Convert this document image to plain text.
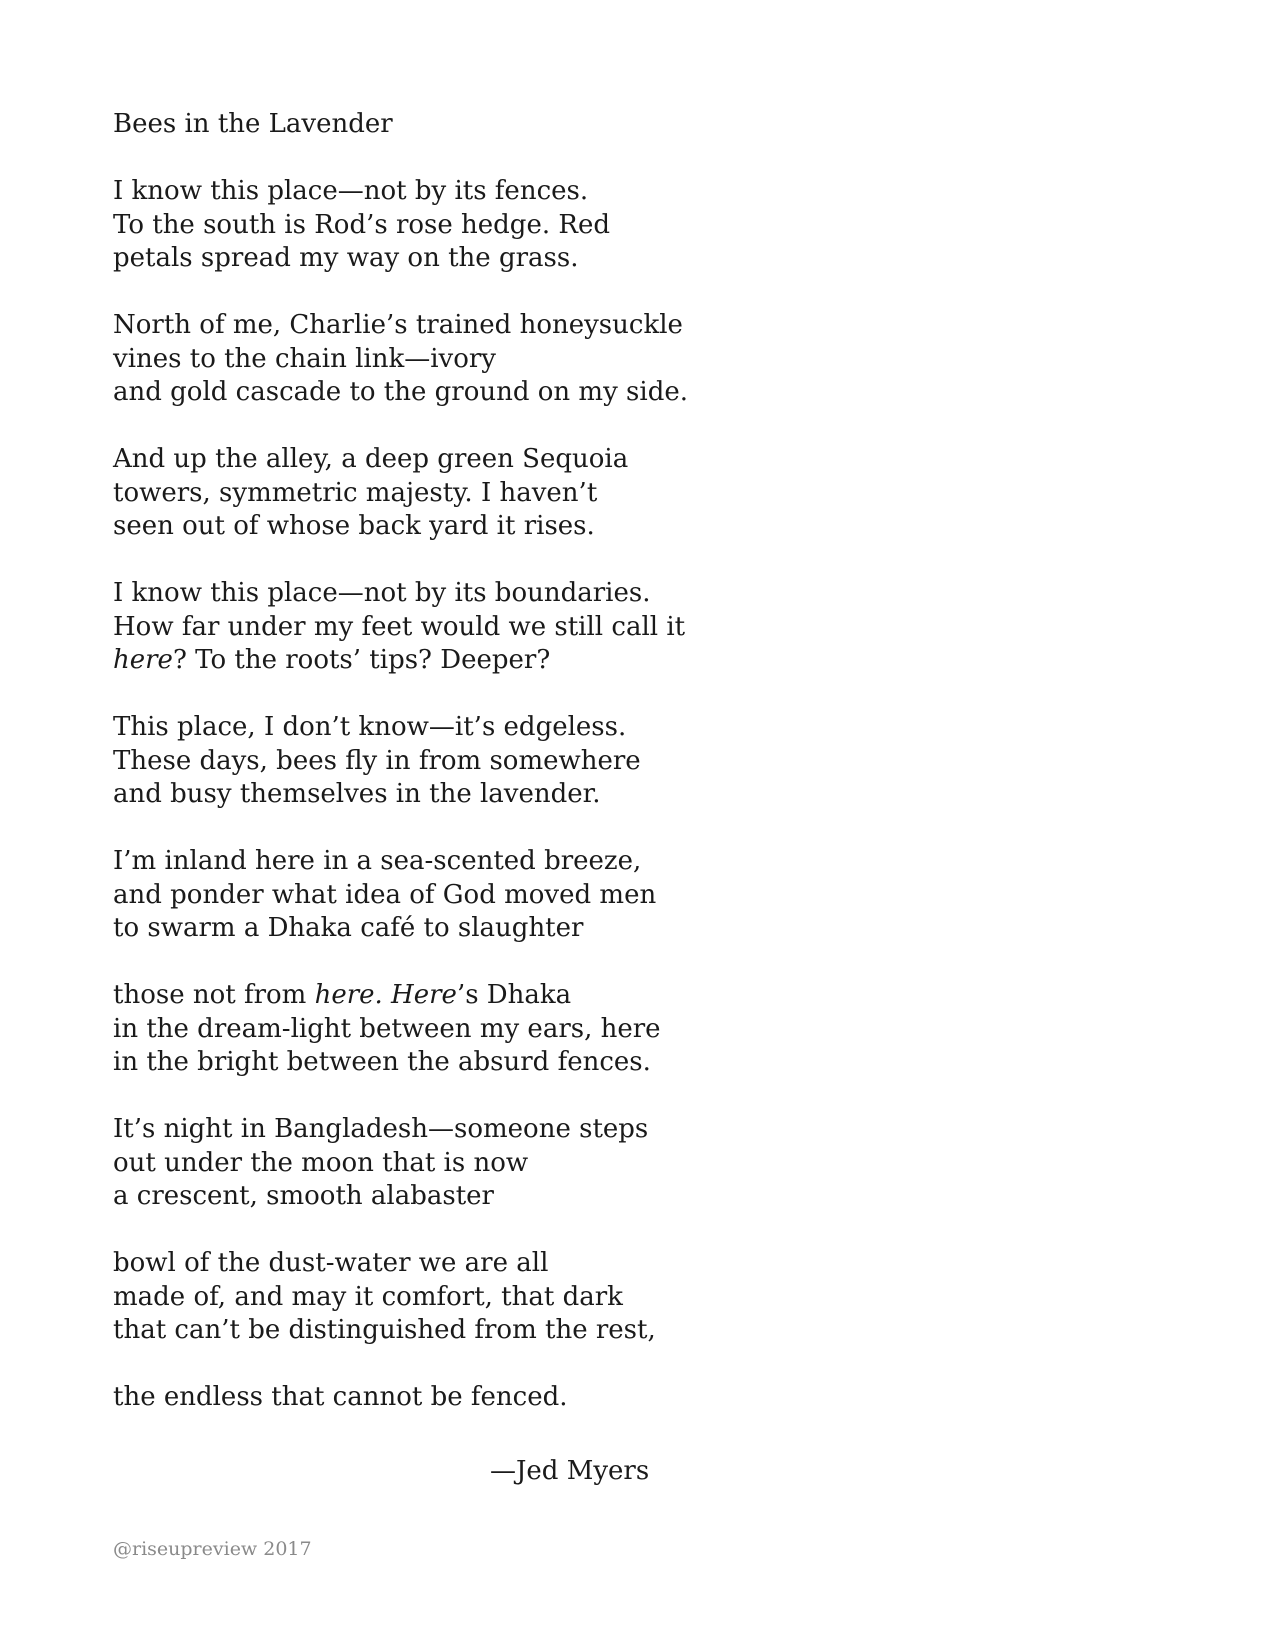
Bees in the Lavender
I know this place—not by its fences.
To the south is Rod’s rose hedge. Red
petals spread my way on the grass.
North of me, Charlie’s trained honeysuckle
vines to the chain link—ivory
and gold cascade to the ground on my side.
And up the alley, a deep green Sequoia
towers, symmetric majesty. I haven’t
seen out of whose back yard it rises.
I know this place—not by its boundaries.
How far under my feet would we still call it
here? To the roots’ tips? Deeper?
This place, I don’t know—it’s edgeless.
These days, bees fly in from somewhere
and busy themselves in the lavender.
I’m inland here in a sea-scented breeze,
and ponder what idea of God moved men
to swarm a Dhaka café to slaughter
those not from here. Here’s Dhaka
in the dream-light between my ears, here
in the bright between the absurd fences.
It’s night in Bangladesh—someone steps
out under the moon that is now
a crescent, smooth alabaster
bowl of the dust-water we are all
made of, and may it comfort, that dark
that can’t be distinguished from the rest,
the endless that cannot be fenced.
—Jed Myers
@riseupreview 2017
